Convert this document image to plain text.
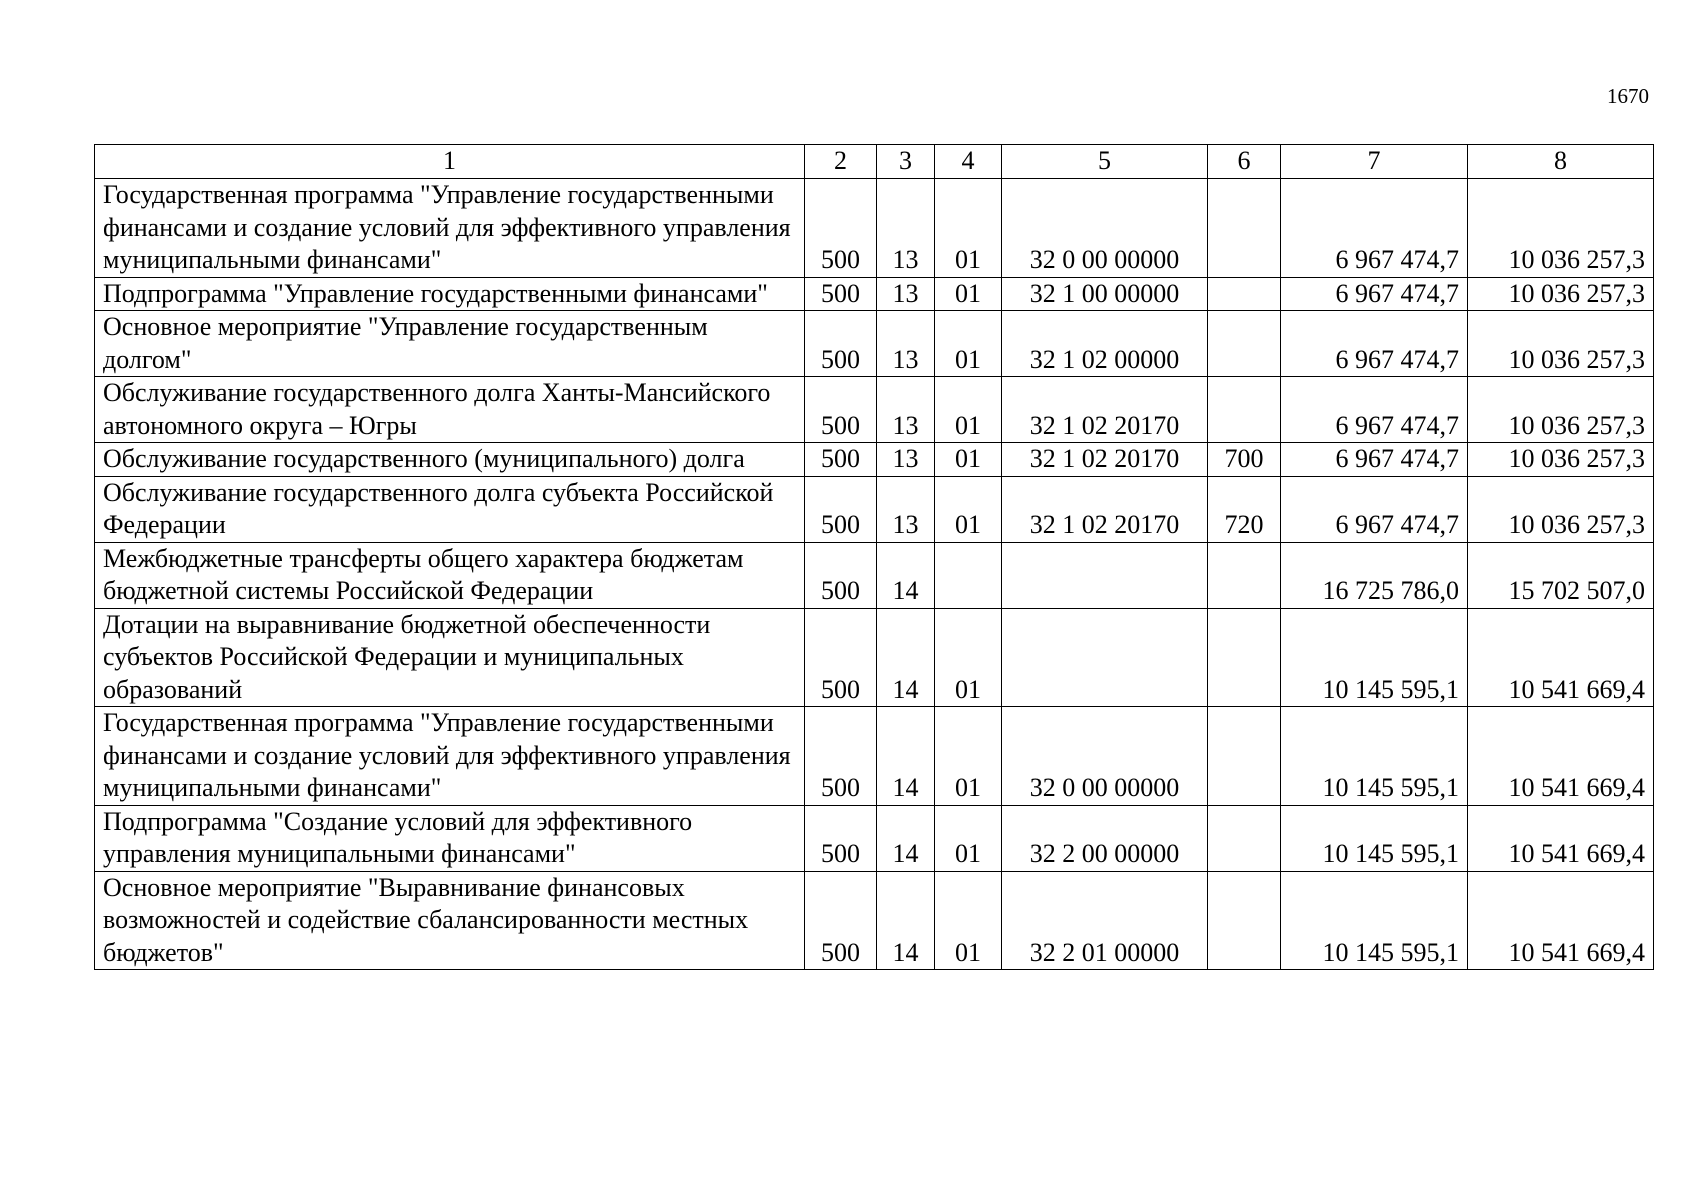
1670
1	2	3	4	5	6	7	8
Государственная программа "Управление государственными финансами и создание условий для эффективного управления муниципальными финансами"	500	13	01	32 0 00 00000		6 967 474,7	10 036 257,3
Подпрограмма "Управление государственными финансами"	500	13	01	32 1 00 00000		6 967 474,7	10 036 257,3
Основное мероприятие "Управление государственным долгом"	500	13	01	32 1 02 00000		6 967 474,7	10 036 257,3
Обслуживание государственного долга Ханты-Мансийского автономного округа – Югры	500	13	01	32 1 02 20170		6 967 474,7	10 036 257,3
Обслуживание государственного (муниципального) долга	500	13	01	32 1 02 20170	700	6 967 474,7	10 036 257,3
Обслуживание государственного долга субъекта Российской Федерации	500	13	01	32 1 02 20170	720	6 967 474,7	10 036 257,3
Межбюджетные трансферты общего характера бюджетам бюджетной системы Российской Федерации	500	14				16 725 786,0	15 702 507,0
Дотации на выравнивание бюджетной обеспеченности субъектов Российской Федерации и муниципальных образований	500	14	01			10 145 595,1	10 541 669,4
Государственная программа "Управление государственными финансами и создание условий для эффективного управления муниципальными финансами"	500	14	01	32 0 00 00000		10 145 595,1	10 541 669,4
Подпрограмма "Создание условий для эффективного управления муниципальными финансами"	500	14	01	32 2 00 00000		10 145 595,1	10 541 669,4
Основное мероприятие "Выравнивание финансовых возможностей и содействие сбалансированности местных бюджетов"	500	14	01	32 2 01 00000		10 145 595,1	10 541 669,4
